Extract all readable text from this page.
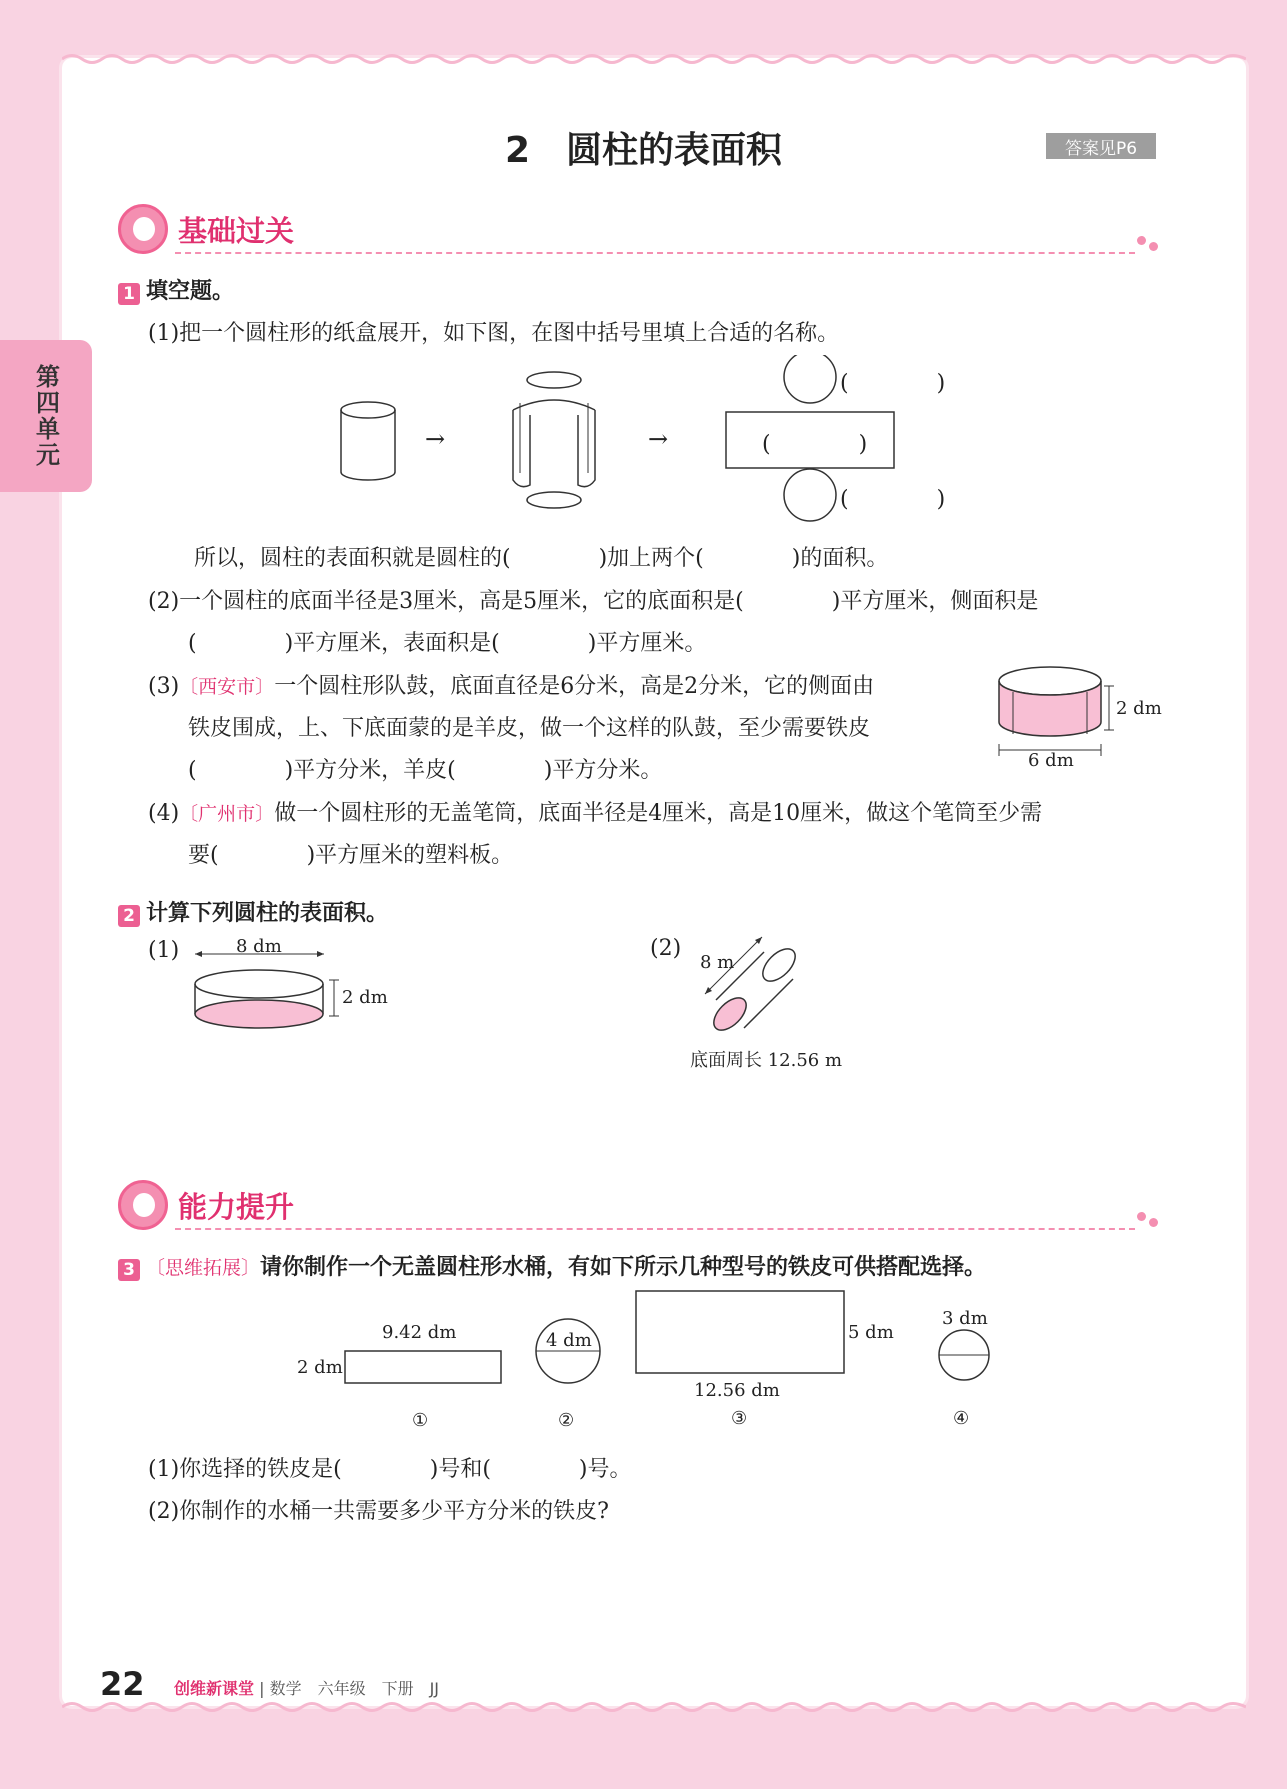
第四单元
2　圆柱的表面积	答案见P6
基础过关
1 填空题。
(1)把一个圆柱形的纸盒展开，如下图，在图中括号里填上合适的名称。
→	→
(　　　　)
(　　　　)
(　　　　)
所以，圆柱的表面积就是圆柱的(　　　　)加上两个(　　　　)的面积。
(2)一个圆柱的底面半径是3厘米，高是5厘米，它的底面积是(　　　　)平方厘米，侧面积是
(　　　　)平方厘米，表面积是(　　　　)平方厘米。
(3)〔西安市〕一个圆柱形队鼓，底面直径是6分米，高是2分米，它的侧面由
铁皮围成，上、下底面蒙的是羊皮，做一个这样的队鼓，至少需要铁皮
(　　　　)平方分米，羊皮(　　　　)平方分米。
2 dm
6 dm
(4)〔广州市〕做一个圆柱形的无盖笔筒，底面半径是4厘米，高是10厘米，做这个笔筒至少需
要(　　　　)平方厘米的塑料板。
2 计算下列圆柱的表面积。
(1)	8 dm
2 dm
(2)
8 m
底面周长 12.56 m
能力提升
3 〔思维拓展〕请你制作一个无盖圆柱形水桶，有如下所示几种型号的铁皮可供搭配选择。
9.42 dm
2 dm
①
4 dm
②
5 dm
12.56 dm
③
3 dm
④
(1)你选择的铁皮是(　　　　)号和(　　　　)号。
(2)你制作的水桶一共需要多少平方分米的铁皮?
22 创维新课堂 | 数学　六年级　下册　JJ
